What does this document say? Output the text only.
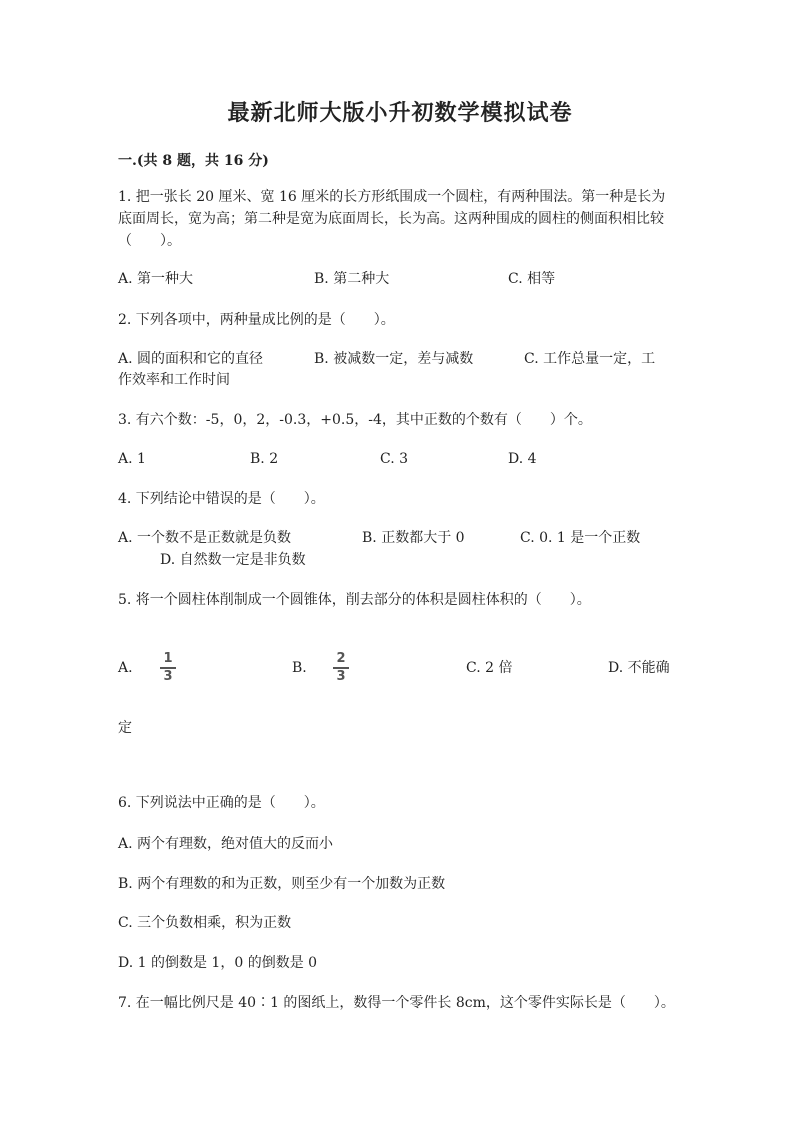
最新北师大版小升初数学模拟试卷
一.(共 8 题，共 16 分)
1. 把一张长 20 厘米、宽 16 厘米的长方形纸围成一个圆柱，有两种围法。第一种是长为底面周长，宽为高；第二种是宽为底面周长，长为高。这两种围成的圆柱的侧面积相比较（　　）。
A. 第一种大	B. 第二种大	C. 相等
2. 下列各项中，两种量成比例的是（　　）。
A. 圆的面积和它的直径	B. 被减数一定，差与减数	C. 工作总量一定，工
作效率和工作时间
3. 有六个数：-5，0，2，-0.3，+0.5，-4，其中正数的个数有（　　）个。
A. 1	B. 2	C. 3	D. 4
4. 下列结论中错误的是（　　）。
A. 一个数不是正数就是负数	B. 正数都大于 0	C. 0. 1 是一个正数
D. 自然数一定是非负数
5. 将一个圆柱体削制成一个圆锥体，削去部分的体积是圆柱体积的（　　）。
A.
1
3	B.
2
3	C. 2 倍	D. 不能确
定
6. 下列说法中正确的是（　　）。
A. 两个有理数，绝对值大的反而小
B. 两个有理数的和为正数，则至少有一个加数为正数
C. 三个负数相乘，积为正数
D. 1 的倒数是 1，0 的倒数是 0
7. 在一幅比例尺是 40∶1 的图纸上，数得一个零件长 8cm，这个零件实际长是（　　）。
